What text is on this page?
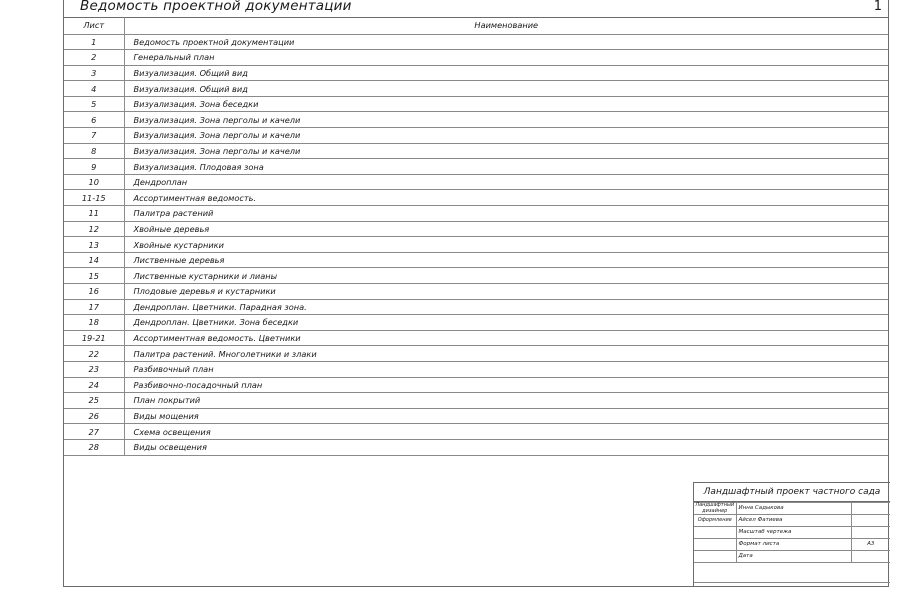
Ведомость проектной документации	1
Лист	Наименование
1	Ведомость проектной документации
2	Генеральный план
3	Визуализация. Общий вид
4	Визуализация. Общий вид
5	Визуализация. Зона беседки
6	Визуализация. Зона перголы и качели
7	Визуализация. Зона перголы и качели
8	Визуализация. Зона перголы и качели
9	Визуализация. Плодовая зона
10	Дендроплан
11-15	Ассортиментная ведомость.
11	Палитра растений
12	Хвойные деревья
13	Хвойные кустарники
14	Лиственные деревья
15	Лиственные кустарники и лианы
16	Плодовые деревья и кустарники
17	Дендроплан. Цветники. Парадная зона.
18	Дендроплан. Цветники. Зона беседки
19-21	Ассортиментная ведомость. Цветники
22	Палитра растений. Многолетники и злаки
23	Разбивочный план
24	Разбивочно-посадочный план
25	План покрытий
26	Виды мощения
27	Схема освещения
28	Виды освещения
Ландшафтный проект частного сада
Ландшафтный дизайнер	Инна Садыкова	
Оформление	Айсел Фатиева	
	Масштаб чертежа	
	Формат листа	А3
	Дата	
